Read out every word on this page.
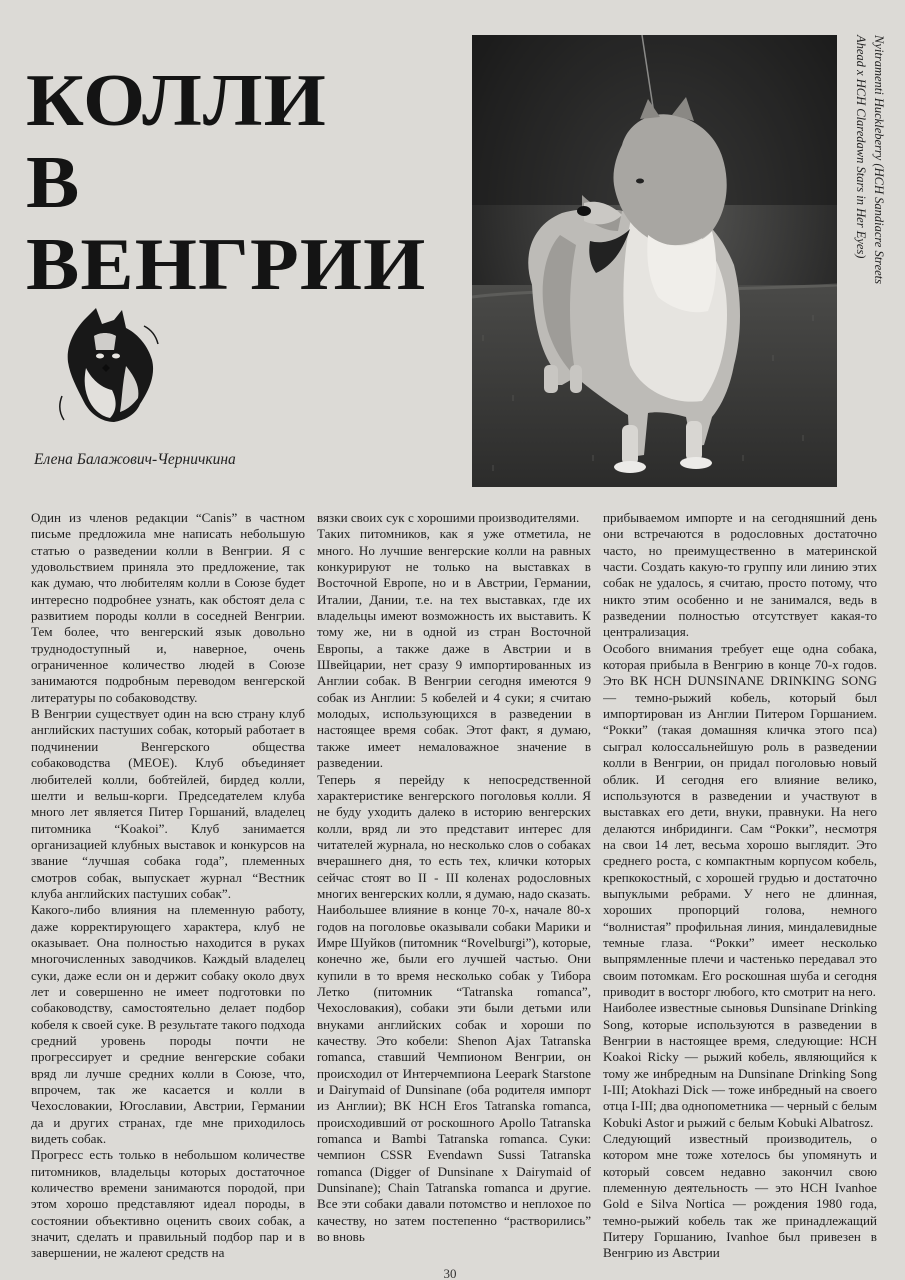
КОЛЛИ
В
ВЕНГРИИ
Елена Балажович-Черничкина
Nyitramenti Huckleberry (HCH Sandiacre Streets
Ahead x HCH Claredawn Stars in Her Eyes)

Один из членов редакции “Canis” в частном письме предложила мне написать небольшую статью о разведении колли в Венгрии. Я с удовольствием приняла это предложение, так как думаю, что любителям колли в Союзе будет интересно подробнее узнать, как обстоят дела с развитием породы колли в соседней Венгрии. Тем более, что венгерский язык довольно труднодоступный и, наверное, очень ограниченное количество людей в Союзе занимаются подробным переводом венгерской литературы по собаководству.

В Венгрии существует один на всю страну клуб английских пастуших собак, который работает в подчинении Венгерского общества собаководства (MEOE). Клуб объединяет любителей колли, бобтейлей, бирдед колли, шелти и вельш-корги. Председателем клуба много лет является Питер Горшаний, владелец питомника “Koakoi”. Клуб занимается организацией клубных выставок и конкурсов на звание “лучшая собака года”, племенных смотров собак, выпускает журнал “Вестник клуба английских пастуших собак”.

Какого-либо влияния на племенную работу, даже корректирующего характера, клуб не оказывает. Она полностью находится в руках многочисленных заводчиков. Каждый владелец суки, даже если он и держит собаку около двух лет и совершенно не имеет подготовки по собаководству, самостоятельно делает подбор кобеля к своей суке. В результате такого подхода средний уровень породы почти не прогрессирует и средние венгерские собаки вряд ли лучше средних колли в Союзе, что, впрочем, так же касается и колли в Чехословакии, Югославии, Австрии, Германии да и других странах, где мне приходилось видеть собак.

Прогресс есть только в небольшом количестве питомников, владельцы которых достаточное количество времени занимаются породой, при этом хорошо представляют идеал породы, в состоянии объективно оценить своих собак, а значит, сделать и правильный подбор пар и в завершении, не жалеют средств на

вязки своих сук с хорошими производителями.

Таких питомников, как я уже отметила, не много. Но лучшие венгерские колли на равных конкурируют не только на выставках в Восточной Европе, но и в Австрии, Германии, Италии, Дании, т.е. на тех выставках, где их владельцы имеют возможность их выставить. К тому же, ни в одной из стран Восточной Европы, а также даже в Австрии и в Швейцарии, нет сразу 9 импортированных из Англии собак. В Венгрии сегодня имеются 9 собак из Англии: 5 кобелей и 4 суки; я считаю молодых, использующихся в разведении в настоящее время собак. Этот факт, я думаю, также имеет немаловажное значение в разведении.

Теперь я перейду к непосредственной характеристике венгерского поголовья колли. Я не буду уходить далеко в историю венгерских колли, вряд ли это представит интерес для читателей журнала, но несколько слов о собаках вчерашнего дня, то есть тех, клички которых сейчас стоят во II - III коленах родословных многих венгерских колли, я думаю, надо сказать.

Наибольшее влияние в конце 70-х, начале 80-х годов на поголовье оказывали собаки Марики и Имре Шуйков (питомник “Rovelburgi”), которые, конечно же, были его лучшей частью. Они купили в то время несколько собак у Тибора Летко (питомник “Tatranska romanca”, Чехословакия), собаки эти были детьми или внуками английских собак и хороши по качеству. Это кобели: Shenon Ajax Tatranska romanca, ставший Чемпионом Венгрии, он происходил от Интерчемпиона Leepark Starstone и Dairymaid of Dunsinane (оба родителя импорт из Англии); ВК НСН Eros Tatranska romanca, происходивший от роскошного Apollo Tatranska romanca и Bambi Tatranska romanca. Суки: чемпион CSSR Evendawn Sussi Tatranska romanca (Digger of Dunsinane x Dairymaid of Dunsinane); Chain Tatranska romanca и другие. Все эти собаки давали потомство и неплохое по качеству, но затем постепенно “растворились” во вновь

прибываемом импорте и на сегодняшний день они встречаются в родословных достаточно часто, но преимущественно в материнской части. Создать какую-то группу или линию этих собак не удалось, я считаю, просто потому, что никто этим особенно и не занимался, ведь в разведении полностью отсутствует какая-то централизация.

Особого внимания требует еще одна собака, которая прибыла в Венгрию в конце 70-х годов. Это ВК НСН DUNSINANE DRINKING SONG — темно-рыжий кобель, который был импортирован из Англии Питером Горшанием. “Рокки” (такая домашняя кличка этого пса) сыграл колоссальнейшую роль в разведении колли в Венгрии, он придал поголовью новый облик. И сегодня его влияние велико, используются в разведении и участвуют в выставках его дети, внуки, правнуки. На него делаются инбридинги. Сам “Рокки”, несмотря на свои 14 лет, весьма хорошо выглядит. Это среднего роста, с компактным корпусом кобель, крепкокостный, с хорошей грудью и достаточно выпуклыми ребрами. У него не длинная, хороших пропорций голова, немного “волнистая” профильная линия, миндалевидные темные глаза. “Рокки” имеет несколько выпрямленные плечи и частенько передавал это своим потомкам. Его роскошная шуба и сегодня приводит в восторг любого, кто смотрит на него.

Наиболее известные сыновья Dunsinane Drinking Song, которые используются в разведении в Венгрии в настоящее время, следующие: НСН Koakoi Ricky — рыжий кобель, являющийся к тому же инбредным на Dunsinane Drinking Song I-III; Atokhazi Dick — тоже инбредный на своего отца I-III; два однопометника — черный с белым Kobuki Astor и рыжий с белым Kobuki Albatrosz.

Следующий известный производитель, о котором мне тоже хотелось бы упомянуть и который совсем недавно закончил свою племенную деятельность — это НСН Ivanhoe Gold e Silva Nortica — рождения 1980 года, темно-рыжий кобель так же принадлежащий Питеру Горшанию, Ivanhoe был привезен в Венгрию из Австрии

30
